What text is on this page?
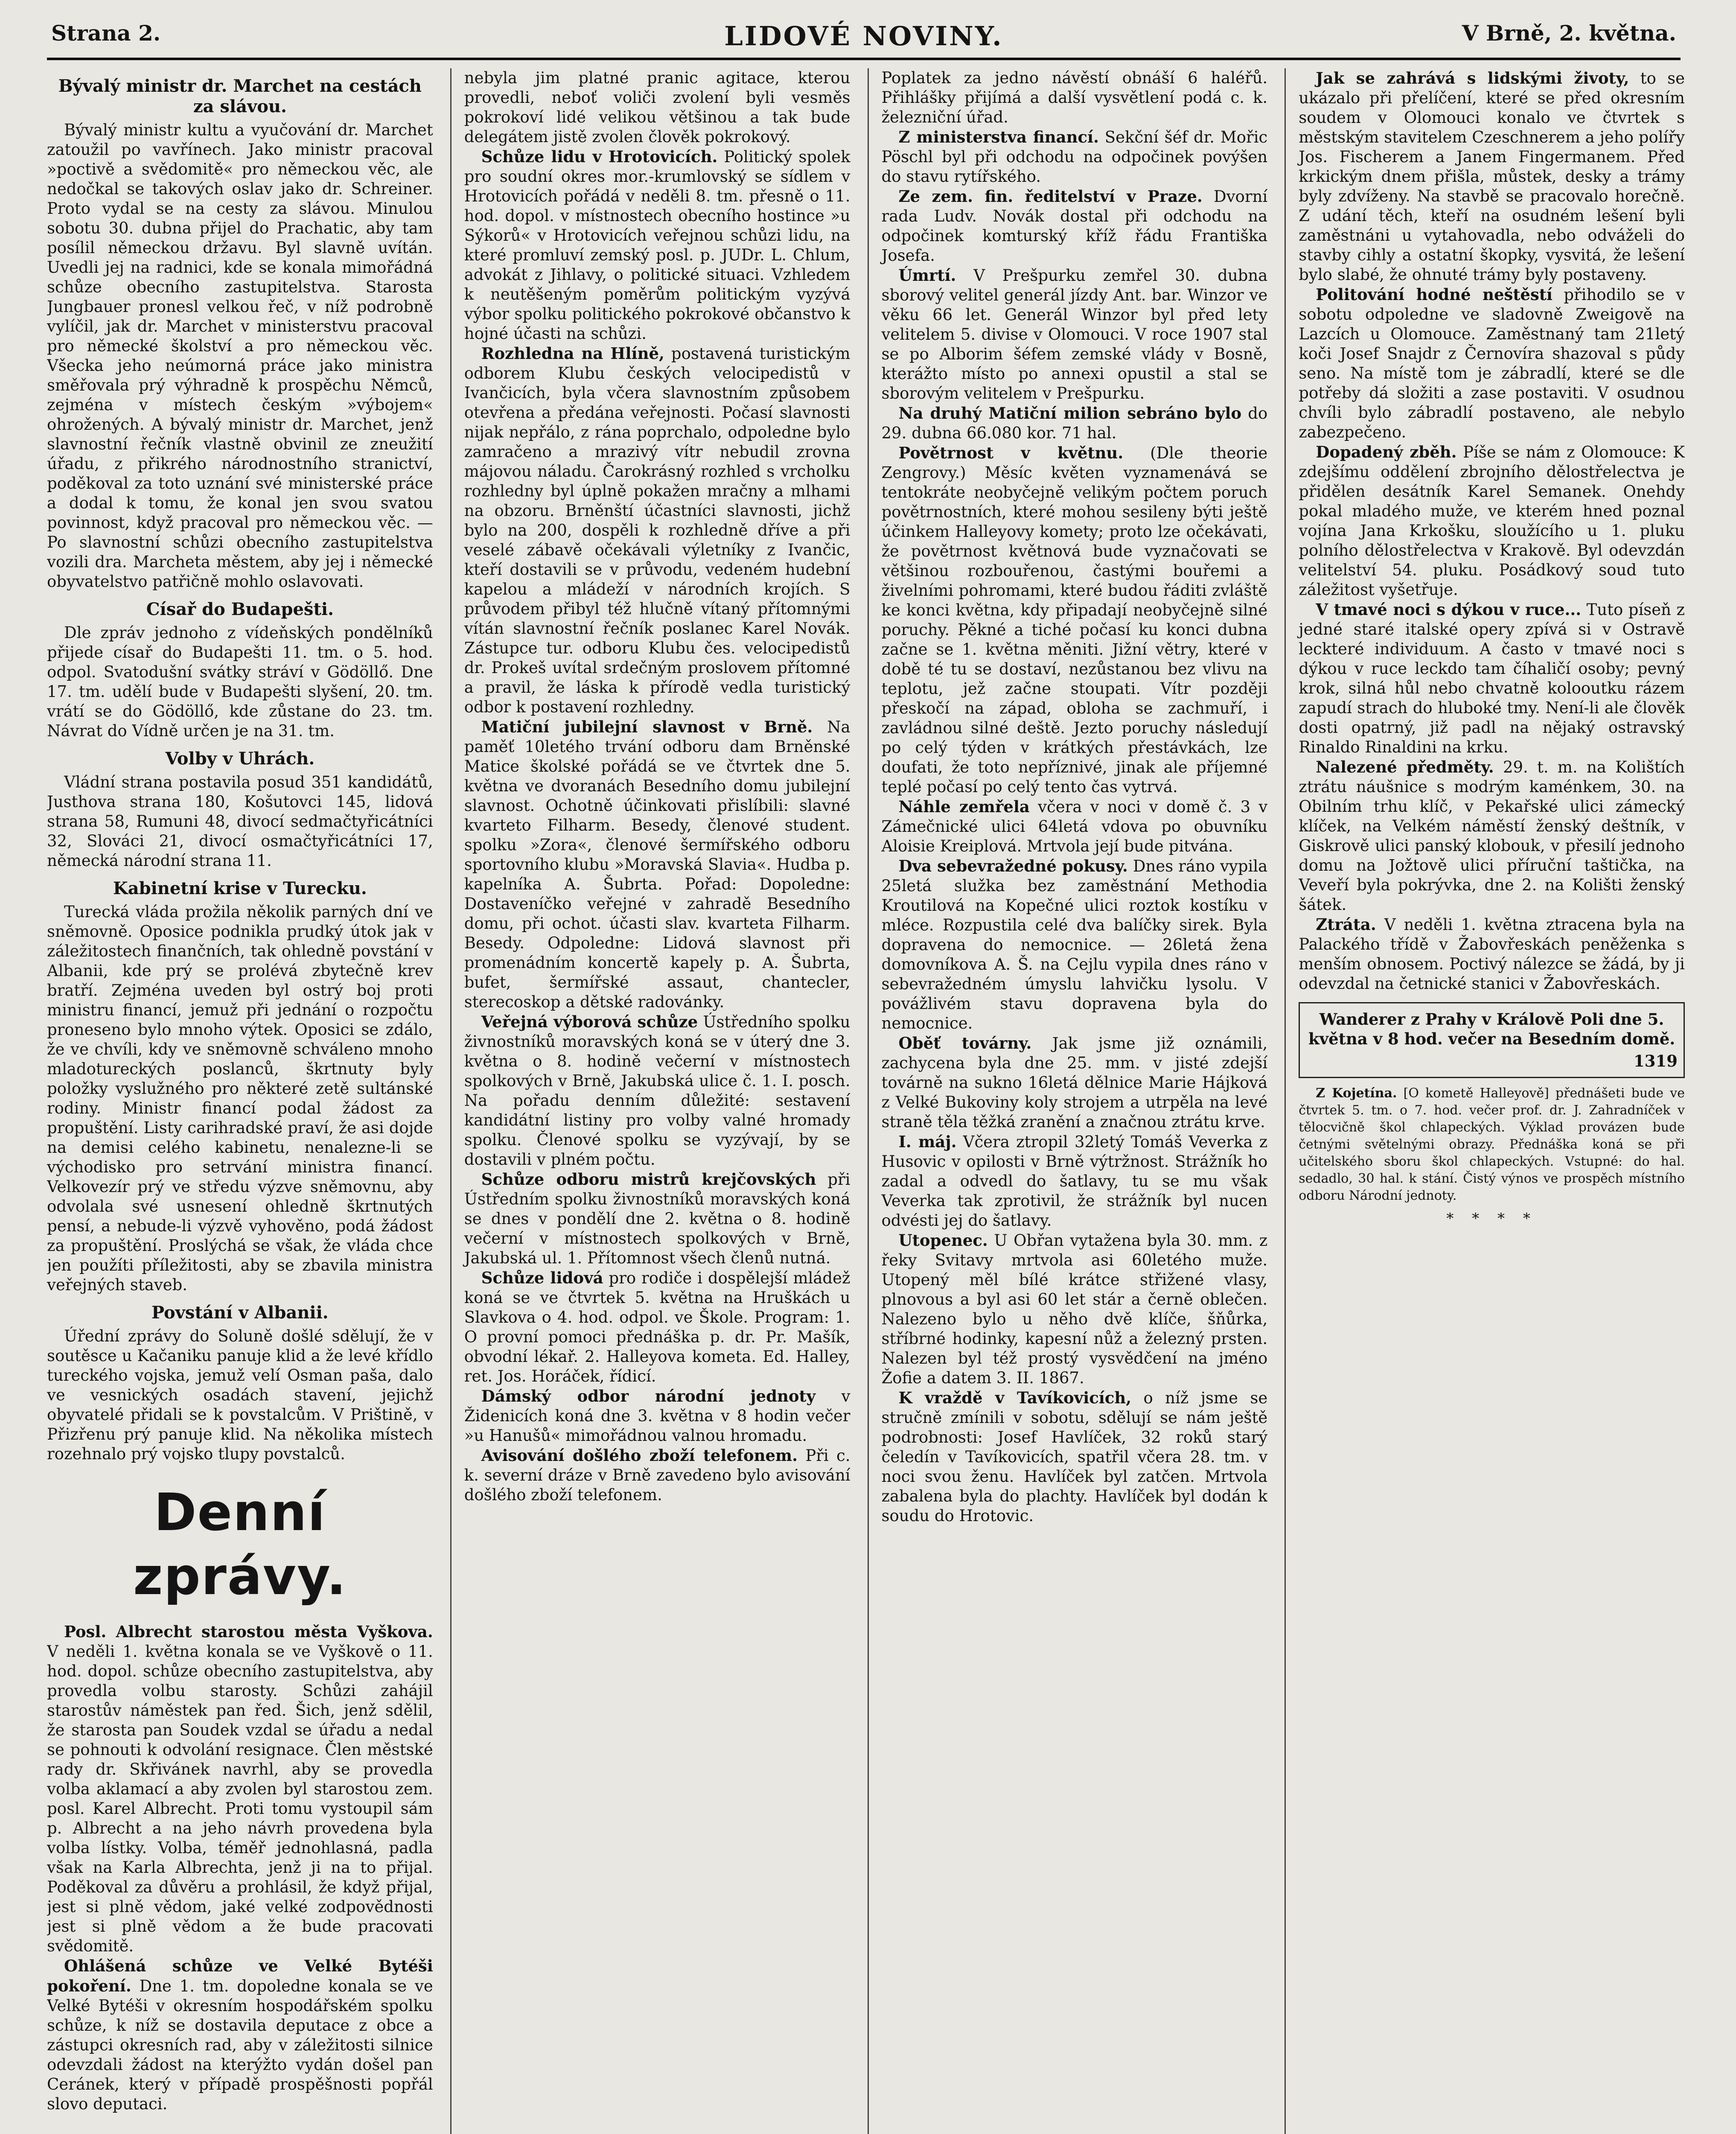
Strana 2.	LIDOVÉ NOVINY.	V Brně, 2. května.
Bývalý ministr dr. Marchet na cestách za slávou.

Bývalý ministr kultu a vyučování dr. Marchet zatoužil po vavřínech. Jako ministr pracoval »poctivě a svědomitě« pro německou věc, ale nedočkal se takových oslav jako dr. Schreiner. Proto vydal se na cesty za slávou. Minulou sobotu 30. dubna přijel do Prachatic, aby tam posílil německou državu. Byl slavně uvítán. Uvedli jej na radnici, kde se konala mimořádná schůze obecního zastupitelstva. Starosta Jungbauer pronesl velkou řeč, v níž podrobně vylíčil, jak dr. Marchet v ministerstvu pracoval pro německé školství a pro německou věc. Všecka jeho neúmorná práce jako ministra směřovala prý výhradně k prospěchu Němců, zejména v místech českým »výbojem« ohrožených. A bývalý ministr dr. Marchet, jenž slavnostní řečník vlastně obvinil ze zneužití úřadu, z přikrého národnostního stranictví, poděkoval za toto uznání své ministerské práce a dodal k tomu, že konal jen svou svatou povinnost, když pracoval pro německou věc. — Po slavnostní schůzi obecního zastupitelstva vozili dra. Marcheta městem, aby jej i německé obyvatelstvo patřičně mohlo oslavovati.

Císař do Budapešti.

Dle zpráv jednoho z vídeňských pondělníků přijede císař do Budapešti 11. tm. o 5. hod. odpol. Svatodušní svátky stráví v Gödöllő. Dne 17. tm. udělí bude v Budapešti slyšení, 20. tm. vrátí se do Gödöllő, kde zůstane do 23. tm. Návrat do Vídně určen je na 31. tm.

Volby v Uhrách.

Vládní strana postavila posud 351 kandidátů, Justhova strana 180, Košutovci 145, lidová strana 58, Rumuni 48, divocí sedmačtyřicátníci 32, Slováci 21, divocí osmačtyřicátníci 17, německá národní strana 11.

Kabinetní krise v Turecku.

Turecká vláda prožila několik parných dní ve sněmovně. Oposice podnikla prudký útok jak v záležitostech finančních, tak ohledně povstání v Albanii, kde prý se prolévá zbytečně krev bratří. Zejména uveden byl ostrý boj proti ministru financí, jemuž při jednání o rozpočtu proneseno bylo mnoho výtek. Oposici se zdálo, že ve chvíli, kdy ve sněmovně schváleno mnoho mladotureckých poslanců, škrtnuty byly položky vyslužného pro některé zetě sultánské rodiny. Ministr financí podal žádost za propuštění. Listy carihradské praví, že asi dojde na demisi celého kabinetu, nenalezne-li se východisko pro setrvání ministra financí. Velkovezír prý ve středu výzve sněmovnu, aby odvolala své usnesení ohledně škrtnutých pensí, a nebude-li výzvě vyhověno, podá žádost za propuštění. Proslýchá se však, že vláda chce jen použíti příležitosti, aby se zbavila ministra veřejných staveb.

Povstání v Albanii.

Úřední zprávy do Soluně došlé sdělují, že v soutěsce u Kačaniku panuje klid a že levé křídlo tureckého vojska, jemuž velí Osman paša, dalo ve vesnických osadách stavení, jejichž obyvatelé přidali se k povstalcům. V Prištině, v Přizřenu prý panuje klid. Na několika místech rozehnalo prý vojsko tlupy povstalců.

Denní zprávy.

Posl. Albrecht starostou města Vyškova. V neděli 1. května konala se ve Vyškově o 11. hod. dopol. schůze obecního zastupitelstva, aby provedla volbu starosty. Schůzi zahájil starostův náměstek pan řed. Šich, jenž sdělil, že starosta pan Soudek vzdal se úřadu a nedal se pohnouti k odvolání resignace. Člen městské rady dr. Skřivánek navrhl, aby se provedla volba aklamací a aby zvolen byl starostou zem. posl. Karel Albrecht. Proti tomu vystoupil sám p. Albrecht a na jeho návrh provedena byla volba lístky. Volba, téměř jednohlasná, padla však na Karla Albrechta, jenž ji na to přijal. Poděkoval za důvěru a prohlásil, že když přijal, jest si plně vědom, jaké velké zodpovědnosti jest si plně vědom a že bude pracovati svědomitě.

Ohlášená schůze ve Velké Bytéši pokoření. Dne 1. tm. dopoledne konala se ve Velké Bytéši v okresním hospodářském spolku schůze, k níž se dostavila deputace z obce a zástupci okresních rad, aby v záležitosti silnice odevzdali žádost na kterýžto vydán došel pan Ceránek, který v případě prospěšnosti popřál slovo deputaci.

nebyla jim platné pranic agitace, kterou provedli, neboť voliči zvolení byli vesměs pokrokoví lidé velikou většinou a tak bude delegátem jistě zvolen člověk pokrokový.

Schůze lidu v Hrotovicích. Politický spolek pro soudní okres mor.-krumlovský se sídlem v Hrotovicích pořádá v neděli 8. tm. přesně o 11. hod. dopol. v místnostech obecního hostince »u Sýkorů« v Hrotovicích veřejnou schůzi lidu, na které promluví zemský posl. p. JUDr. L. Chlum, advokát z Jihlavy, o politické situaci. Vzhledem k neutěšeným poměrům politickým vyzývá výbor spolku politického pokrokové občanstvo k hojné účasti na schůzi.

Rozhledna na Hlíně, postavená turistickým odborem Klubu českých velocipedistů v Ivančicích, byla včera slavnostním způsobem otevřena a předána veřejnosti. Počasí slavnosti nijak nepřálo, z rána poprchalo, odpoledne bylo zamračeno a mrazivý vítr nebudil zrovna májovou náladu. Čarokrásný rozhled s vrcholku rozhledny byl úplně pokažen mračny a mlhami na obzoru. Brněnští účastníci slavnosti, jichž bylo na 200, dospěli k rozhledně dříve a při veselé zábavě očekávali výletníky z Ivančic, kteří dostavili se v průvodu, vedeném hudební kapelou a mládeží v národních krojích. S průvodem přibyl též hlučně vítaný přítomnými vítán slavnostní řečník poslanec Karel Novák. Zástupce tur. odboru Klubu čes. velocipedistů dr. Prokeš uvítal srdečným proslovem přítomné a pravil, že láska k přírodě vedla turistický odbor k postavení rozhledny.

Matiční jubilejní slavnost v Brně. Na paměť 10letého trvání odboru dam Brněnské Matice školské pořádá se ve čtvrtek dne 5. května ve dvoranách Besedního domu jubilejní slavnost. Ochotně účinkovati přislíbili: slavné kvarteto Filharm. Besedy, členové student. spolku »Zora«, členové šermířského odboru sportovního klubu »Moravská Slavia«. Hudba p. kapelníka A. Šubrta. Pořad: Dopoledne: Dostaveníčko veřejné v zahradě Besedního domu, při ochot. účasti slav. kvarteta Filharm. Besedy. Odpoledne: Lidová slavnost při promenádním koncertě kapely p. A. Šubrta, bufet, šermířské assaut, chantecler, sterecoskop a dětské radovánky.

Veřejná výborová schůze Ústředního spolku živnostníků moravských koná se v úterý dne 3. května o 8. hodině večerní v místnostech spolkových v Brně, Jakubská ulice č. 1. I. posch. Na pořadu denním důležité: sestavení kandidátní listiny pro volby valné hromady spolku. Členové spolku se vyzývají, by se dostavili v plném počtu.

Schůze odboru mistrů krejčovských při Ústředním spolku živnostníků moravských koná se dnes v pondělí dne 2. května o 8. hodině večerní v místnostech spolkových v Brně, Jakubská ul. 1. Přítomnost všech členů nutná.

Schůze lidová pro rodiče i dospělejší mládež koná se ve čtvrtek 5. května na Hruškách u Slavkova o 4. hod. odpol. ve Škole. Program: 1. O provní pomoci přednáška p. dr. Pr. Mašík, obvodní lékař. 2. Halleyova kometa. Ed. Halley, ret. Jos. Horáček, řídicí.

Dámský odbor národní jednoty v Židenicích koná dne 3. května v 8 hodin večer »u Hanušů« mimořádnou valnou hromadu.

Avisování došlého zboží telefonem. Při c. k. severní dráze v Brně zavedeno bylo avisování došlého zboží telefonem.

Poplatek za jedno návěstí obnáší 6 haléřů. Přihlášky přijímá a další vysvětlení podá c. k. železniční úřad.

Z ministerstva financí. Sekční šéf dr. Mořic Pöschl byl při odchodu na odpočinek povýšen do stavu rytířského.

Ze zem. fin. ředitelství v Praze. Dvorní rada Ludv. Novák dostal při odchodu na odpočinek komturský kříž řádu Františka Josefa.

Úmrtí. V Prešpurku zemřel 30. dubna sborový velitel generál jízdy Ant. bar. Winzor ve věku 66 let. Generál Winzor byl před lety velitelem 5. divise v Olomouci. V roce 1907 stal se po Alborim šéfem zemské vlády v Bosně, kterážto místo po annexi opustil a stal se sborovým velitelem v Prešpurku.

Na druhý Matiční milion sebráno bylo do 29. dubna 66.080 kor. 71 hal.

Povětrnost v květnu. (Dle theorie Zengrovy.) Měsíc květen vyznamenává se tentokráte neobyčejně velikým počtem poruch povětrnostních, které mohou sesileny býti ještě účinkem Halleyovy komety; proto lze očekávati, že povětrnost květnová bude vyznačovati se většinou rozbouřenou, častými bouřemi a živelními pohromami, které budou řáditi zvláště ke konci května, kdy připadají neobyčejně silné poruchy. Pěkné a tiché počasí ku konci dubna začne se 1. května měniti. Jižní větry, které v době té tu se dostaví, nezůstanou bez vlivu na teplotu, jež začne stoupati. Vítr později přeskočí na západ, obloha se zachmuří, i zavládnou silné deště. Jezto poruchy následují po celý týden v krátkých přestávkách, lze doufati, že toto nepříznivé, jinak ale příjemné teplé počasí po celý tento čas vytrvá.

Náhle zemřela včera v noci v domě č. 3 v Zámečnické ulici 64letá vdova po obuvníku Aloisie Kreiplová. Mrtvola její bude pitvána.

Dva sebevražedné pokusy. Dnes ráno vypila 25letá služka bez zaměstnání Methodia Kroutilová na Kopečné ulici roztok kostíku v mléce. Rozpustila celé dva balíčky sirek. Byla dopravena do nemocnice. — 26letá žena domovníkova A. Š. na Cejlu vypila dnes ráno v sebevražedném úmyslu lahvičku lysolu. V povážlivém stavu dopravena byla do nemocnice.

Oběť továrny. Jak jsme již oznámili, zachycena byla dne 25. mm. v jisté zdejší továrně na sukno 16letá dělnice Marie Hájková z Velké Bukoviny koly strojem a utrpěla na levé straně těla těžká zranění a značnou ztrátu krve.

I. máj. Včera ztropil 32letý Tomáš Veverka z Husovic v opilosti v Brně výtržnost. Strážník ho zadal a odvedl do šatlavy, tu se mu však Veverka tak zprotivil, že strážník byl nucen odvésti jej do šatlavy.

Utopenec. U Obřan vytažena byla 30. mm. z řeky Svitavy mrtvola asi 60letého muže. Utopený měl bílé krátce střižené vlasy, plnovous a byl asi 60 let stár a černě oblečen. Nalezeno bylo u něho dvě klíče, šňůrka, stříbrné hodinky, kapesní nůž a železný prsten. Nalezen byl též prostý vysvědčení na jméno Žofie a datem 3. II. 1867.

K vraždě v Tavíkovicích, o níž jsme se stručně zmínili v sobotu, sdělují se nám ještě podrobnosti: Josef Havlíček, 32 roků starý čeledín v Tavíkovicích, spatřil včera 28. tm. v noci svou ženu. Havlíček byl zatčen. Mrtvola zabalena byla do plachty. Havlíček byl dodán k soudu do Hrotovic.

Jak se zahrává s lidskými životy, to se ukázalo při přelíčení, které se před okresním soudem v Olomouci konalo ve čtvrtek s městským stavitelem Czeschnerem a jeho polířy Jos. Fischerem a Janem Fingermanem. Před krkickým dnem přišla, můstek, desky a trámy byly zdvíženy. Na stavbě se pracovalo horečně. Z udání těch, kteří na osudném lešení byli zaměstnáni u vytahovadla, nebo odváželi do stavby cihly a ostatní škopky, vysvitá, že lešení bylo slabé, že ohnuté trámy byly postaveny.

Politování hodné neštěstí přihodilo se v sobotu odpoledne ve sladovně Zweigově na Lazcích u Olomouce. Zaměstnaný tam 21letý koči Josef Snajdr z Černovíra shazoval s půdy seno. Na místě tom je zábradlí, které se dle potřeby dá složiti a zase postaviti. V osudnou chvíli bylo zábradlí postaveno, ale nebylo zabezpečeno.

Dopadený zběh. Píše se nám z Olomouce: K zdejšímu oddělení zbrojního dělostřelectva je přidělen desátník Karel Semanek. Onehdy pokal mladého muže, ve kterém hned poznal vojína Jana Krkošku, sloužícího u 1. pluku polního dělostřelectva v Krakově. Byl odevzdán velitelství 54. pluku. Posádkový soud tuto záležitost vyšetřuje.

V tmavé noci s dýkou v ruce... Tuto píseň z jedné staré italské opery zpívá si v Ostravě leckteré individuum. A často v tmavé noci s dýkou v ruce leckdo tam číhaličí osoby; pevný krok, silná hůl nebo chvatně kolooutku rázem zapudí strach do hluboké tmy. Není-li ale člověk dosti opatrný, již padl na nějaký ostravský Rinaldo Rinaldini na krku.

Nalezené předměty. 29. t. m. na Kolištích ztrátu náušnice s modrým kaménkem, 30. na Obilním trhu klíč, v Pekařské ulici zámecký klíček, na Velkém náměstí ženský deštník, v Giskrově ulici panský klobouk, v přesilí jednoho domu na Jožtově ulici příruční taštička, na Veveří byla pokrývka, dne 2. na Kolišti ženský šátek.

Ztráta. V neděli 1. května ztracena byla na Palackého třídě v Žabovřeskách peněženka s menším obnosem. Poctivý nálezce se žádá, by ji odevzdal na četnické stanici v Žabovřeskách.

Wanderer z Prahy v Králově Poli dne 5. května v 8 hod. večer na Besedním domě.

1319

Z Kojetína. [O kometě Halleyově] přednášeti bude ve čtvrtek 5. tm. o 7. hod. večer prof. dr. J. Zahradníček v tělocvičně škol chlapeckých. Výklad provázen bude četnými světelnými obrazy. Přednáška koná se při učitelského sboru škol chlapeckých. Vstupné: do hal. sedadlo, 30 hal. k stání. Čistý výnos ve prospěch místního odboru Národní jednoty.

* * * *
